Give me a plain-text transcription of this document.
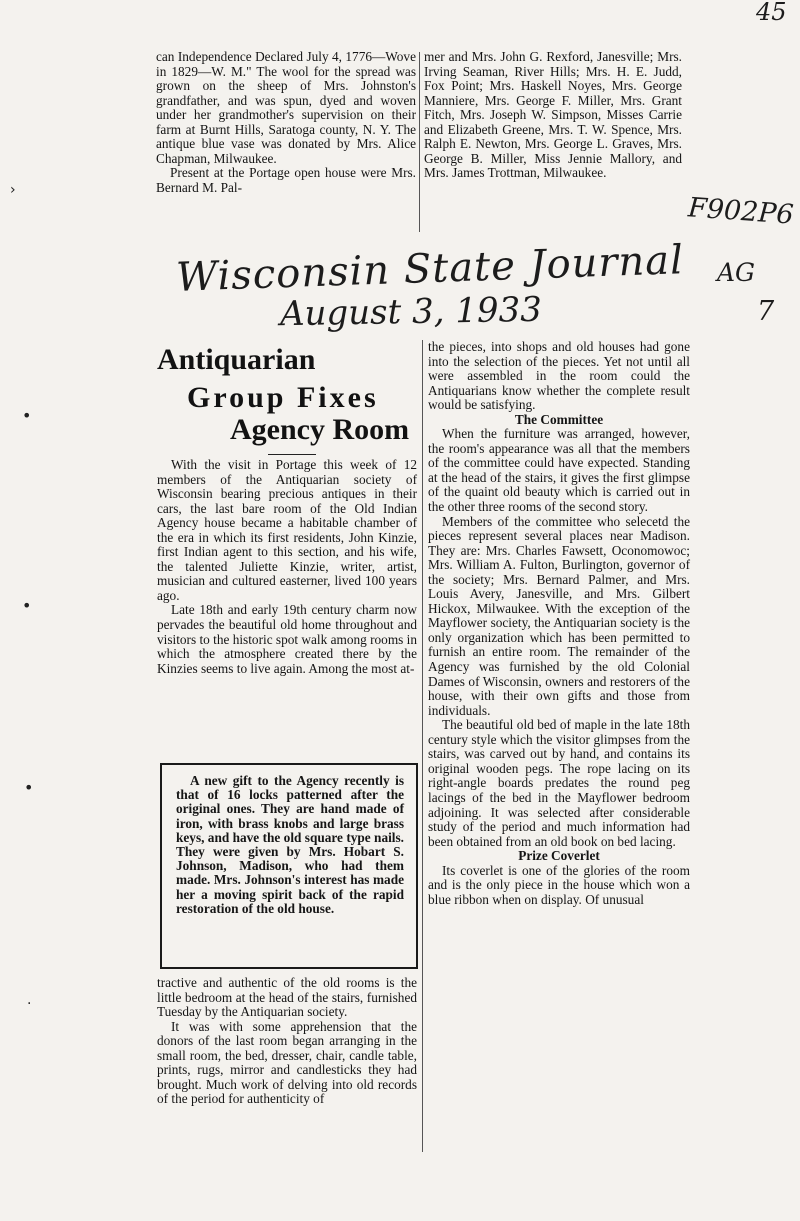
45
F902P6
AG
7
Wisconsin State Journal
August 3, 1933
›
•
•
•
·

can Independence Declared July 4, 1776—Wove in 1829—W. M." The wool for the spread was grown on the sheep of Mrs. Johnston's grandfather, and was spun, dyed and woven under her grandmother's supervision on their farm at Burnt Hills, Saratoga county, N. Y. The antique blue vase was donated by Mrs. Alice Chapman, Milwaukee.

Present at the Portage open house were Mrs. Bernard M. Pal-

mer and Mrs. John G. Rexford, Janesville; Mrs. Irving Seaman, River Hills; Mrs. H. E. Judd, Fox Point; Mrs. Haskell Noyes, Mrs. George Manniere, Mrs. George F. Miller, Mrs. Grant Fitch, Mrs. Joseph W. Simpson, Misses Carrie and Elizabeth Greene, Mrs. T. W. Spence, Mrs. Ralph E. Newton, Mrs. George L. Graves, Mrs. George B. Miller, Miss Jennie Mallory, and Mrs. James Trottman, Milwaukee.

Antiquarian
Group Fixes
Agency Room

With the visit in Portage this week of 12 members of the Antiquarian society of Wisconsin bearing precious antiques in their cars, the last bare room of the Old Indian Agency house became a habitable chamber of the era in which its first residents, John Kinzie, first Indian agent to this section, and his wife, the talented Juliette Kinzie, writer, artist, musician and cultured easterner, lived 100 years ago.

Late 18th and early 19th century charm now pervades the beautiful old home throughout and visitors to the historic spot walk among rooms in which the atmosphere created there by the Kinzies seems to live again. Among the most at-

A new gift to the Agency recently is that of 16 locks patterned after the original ones. They are hand made of iron, with brass knobs and large brass keys, and have the old square type nails. They were given by Mrs. Hobart S. Johnson, Madison, who had them made. Mrs. Johnson's interest has made her a moving spirit back of the rapid restoration of the old house.

tractive and authentic of the old rooms is the little bedroom at the head of the stairs, furnished Tuesday by the Antiquarian society.

It was with some apprehension that the donors of the last room began arranging in the small room, the bed, dresser, chair, candle table, prints, rugs, mirror and candlesticks they had brought. Much work of delving into old records of the period for authenticity of

the pieces, into shops and old houses had gone into the selection of the pieces. Yet not until all were assembled in the room could the Antiquarians know whether the complete result would be satisfying.

The Committee

When the furniture was arranged, however, the room's appearance was all that the members of the committee could have expected. Standing at the head of the stairs, it gives the first glimpse of the quaint old beauty which is carried out in the other three rooms of the second story.

Members of the committee who selecetd the pieces represent several places near Madison. They are: Mrs. Charles Fawsett, Oconomowoc; Mrs. William A. Fulton, Burlington, governor of the society; Mrs. Bernard Palmer, and Mrs. Louis Avery, Janesville, and Mrs. Gilbert Hickox, Milwaukee. With the exception of the Mayflower society, the Antiquarian society is the only organization which has been permitted to furnish an entire room. The remainder of the Agency was furnished by the old Colonial Dames of Wisconsin, owners and restorers of the house, with their own gifts and those from individuals.

The beautiful old bed of maple in the late 18th century style which the visitor glimpses from the stairs, was carved out by hand, and contains its original wooden pegs. The rope lacing on its right-angle boards predates the round peg lacings of the bed in the Mayflower bedroom adjoining. It was selected after considerable study of the period and much information had been obtained from an old book on bed lacing.

Prize Coverlet

Its coverlet is one of the glories of the room and is the only piece in the house which won a blue ribbon when on display. Of unusual
